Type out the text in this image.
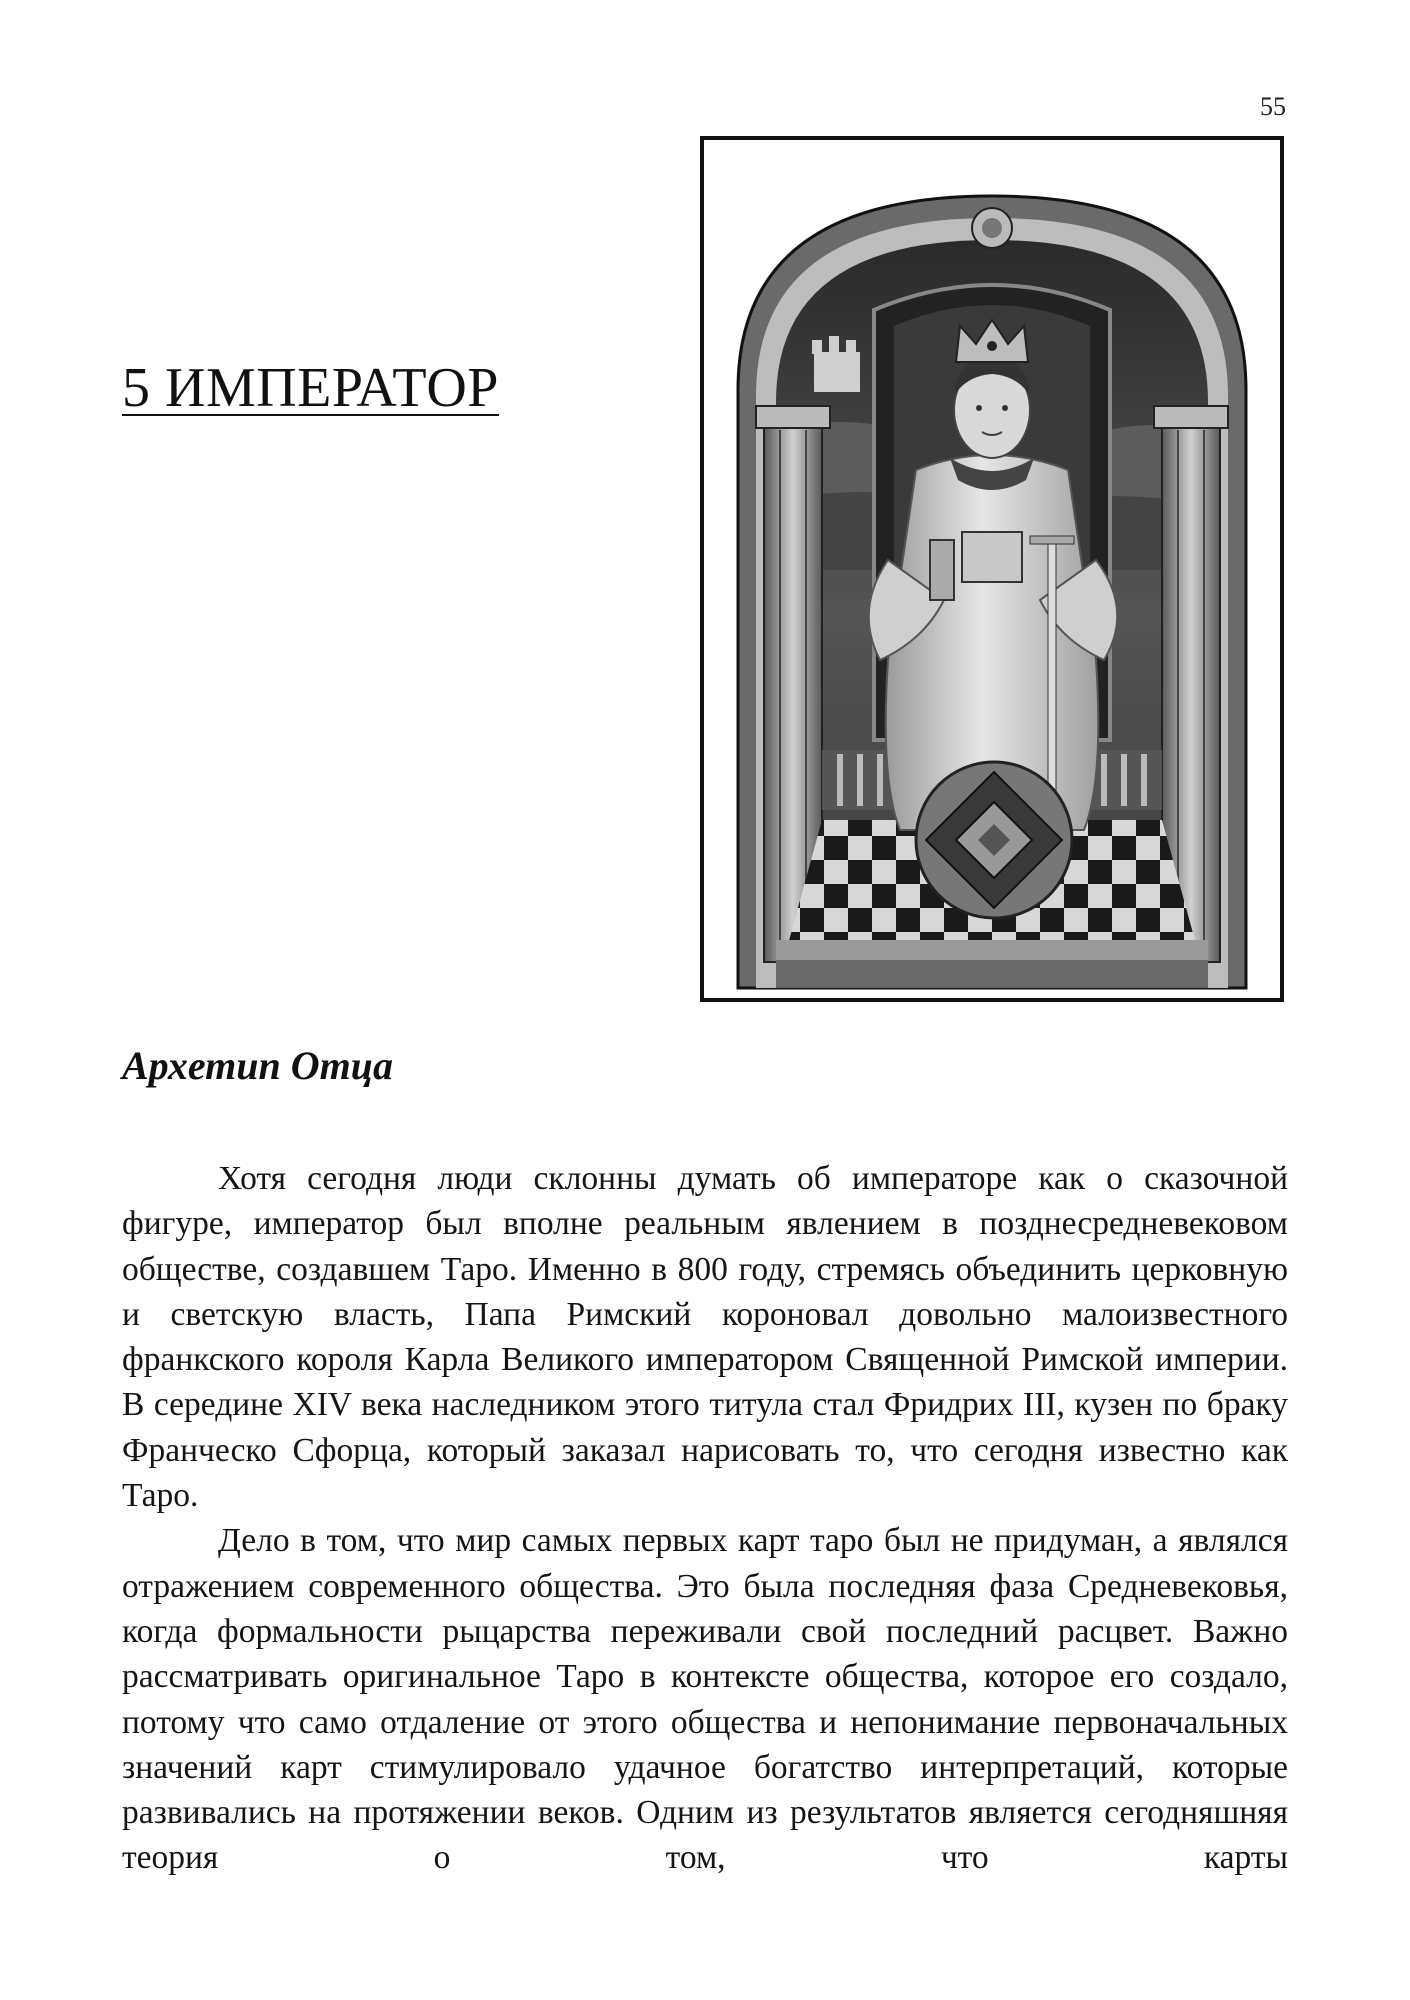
55
5 ИМПЕРАТОР
Архетип Отца

Хотя сегодня люди склонны думать об императоре как о сказочной фигуре, император был вполне реальным явлением в позднесредневековом обществе, создавшем Таро. Именно в 800 году, стремясь объединить церковную и светскую власть, Папа Римский короновал довольно малоизвестного франкского короля Карла Великого императором Священной Римской империи. В середине XIV века наследником этого титула стал Фридрих III, кузен по браку Франческо Сфорца, который заказал нарисовать то, что сегодня известно как Таро.

Дело в том, что мир самых первых карт таро был не придуман, а являлся отражением современного общества. Это была последняя фаза Средневековья, когда формальности рыцарства переживали свой последний расцвет. Важно рассматривать оригинальное Таро в контексте общества, которое его создало, потому что само отдаление от этого общества и непонимание первоначальных значений карт стимулировало удачное богатство интерпретаций, которые развивались на протяжении веков. Одним из результатов является сегодняшняя теория о том, что карты
